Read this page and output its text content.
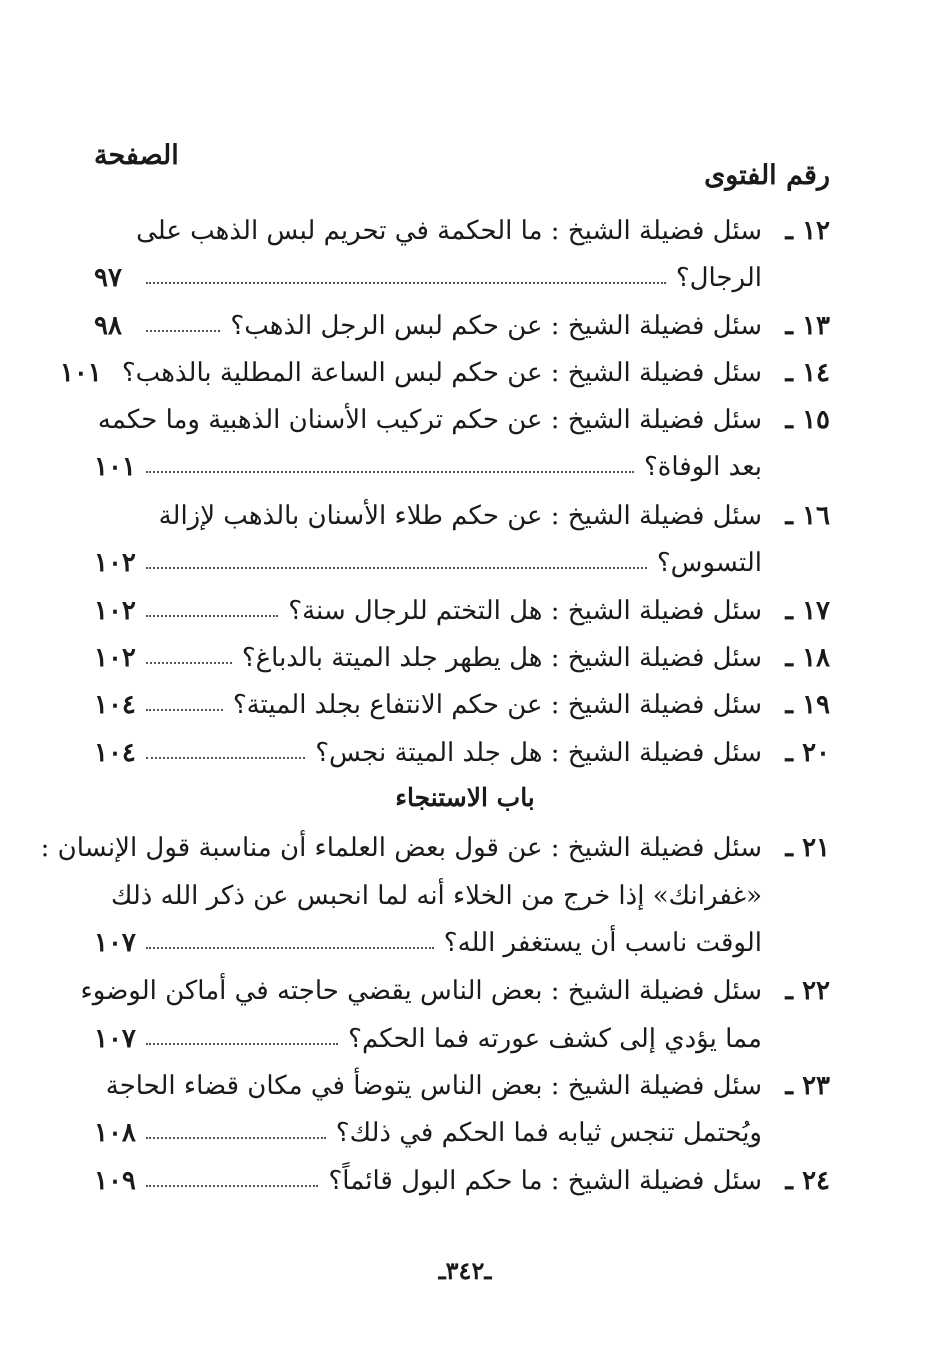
الصفحة
رقم الفتوى
١٢ ـ
سئل فضيلة الشيخ : ما الحكمة في تحريم لبس الذهب على
الرجال؟
٩٧
١٣ ـ
سئل فضيلة الشيخ : عن حكم لبس الرجل الذهب؟
٩٨
١٤ ـ
سئل فضيلة الشيخ : عن حكم لبس الساعة المطلية بالذهب؟
١٠١
١٥ ـ
سئل فضيلة الشيخ : عن حكم تركيب الأسنان الذهبية وما حكمه
بعد الوفاة؟
١٠١
١٦ ـ
سئل فضيلة الشيخ : عن حكم طلاء الأسنان بالذهب لإزالة
التسوس؟
١٠٢
١٧ ـ
سئل فضيلة الشيخ : هل التختم للرجال سنة؟
١٠٢
١٨ ـ
سئل فضيلة الشيخ : هل يطهر جلد الميتة بالدباغ؟
١٠٢
١٩ ـ
سئل فضيلة الشيخ : عن حكم الانتفاع بجلد الميتة؟
١٠٤
٢٠ ـ
سئل فضيلة الشيخ : هل جلد الميتة نجس؟
١٠٤
٢١ ـ
سئل فضيلة الشيخ : عن قول بعض العلماء أن مناسبة قول الإنسان :
«غفرانك» إذا خرج من الخلاء أنه لما انحبس عن ذكر الله ذلك
الوقت ناسب أن يستغفر الله؟
١٠٧
٢٢ ـ
سئل فضيلة الشيخ : بعض الناس يقضي حاجته في أماكن الوضوء
مما يؤدي إلى كشف عورته فما الحكم؟
١٠٧
٢٣ ـ
سئل فضيلة الشيخ : بعض الناس يتوضأ في مكان قضاء الحاجة
ويُحتمل تنجس ثيابه فما الحكم في ذلك؟
١٠٨
٢٤ ـ
سئل فضيلة الشيخ : ما حكم البول قائماً؟
١٠٩
باب الاستنجاء
ـ٣٤٢ـ
